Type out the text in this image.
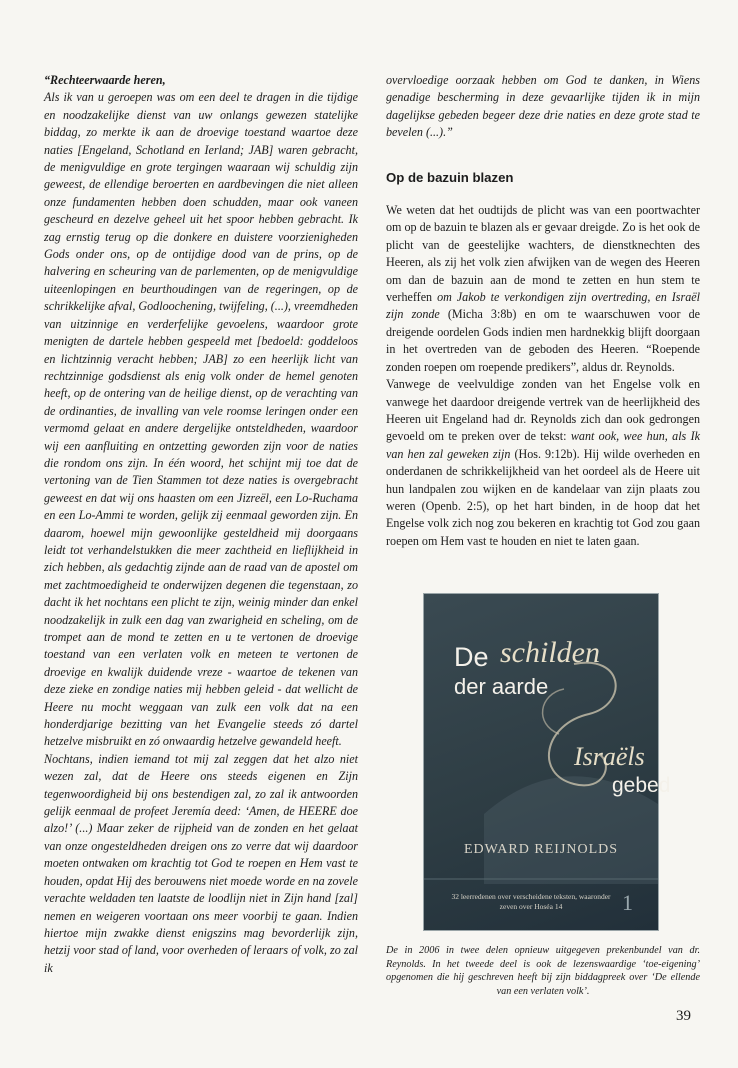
“Rechteerwaarde heren,

Als ik van u geroepen was om een deel te dragen in die tijdige en noodzakelijke dienst van uw onlangs gewezen statelijke biddag, zo merkte ik aan de droevige toestand waartoe deze naties [Engeland, Schotland en Ierland; JAB] waren gebracht, de menigvuldige en grote tergingen waaraan wij schuldig zijn geweest, de ellendige beroerten en aardbevingen die niet alleen onze fundamenten hebben doen schudden, maar ook vaneen gescheurd en dezelve geheel uit het spoor hebben gebracht. Ik zag ernstig terug op die donkere en duistere voorzienigheden Gods onder ons, op de ontijdige dood van de prins, op de halvering en scheuring van de parlementen, op de menigvuldige uiteenlopingen en beurthoudingen van de regeringen, op de schrikkelijke afval, Godloochening, twijfeling, (...), vreemdheden van uitzinnige en verderfelijke gevoelens, waardoor grote menigten de dartele hebben gespeeld met [bedoeld: goddeloos en lichtzinnig veracht hebben; JAB] zo een heerlijk licht van rechtzinnige godsdienst als enig volk onder de hemel genoten heeft, op de ontering van de heilige dienst, op de verachting van de ordinanties, de invalling van vele roomse leringen onder een vermomd gelaat en andere dergelijke ontsteldheden, waardoor wij een aanfluiting en ontzetting geworden zijn voor de naties die rondom ons zijn. In één woord, het schijnt mij toe dat de vertoning van de Tien Stammen tot deze naties is overgebracht geweest en dat wij ons haasten om een Jizreël, een Lo-Ruchama en een Lo-Ammi te worden, gelijk zij eenmaal geworden zijn. En daarom, hoewel mijn gewoonlijke gesteldheid mij doorgaans leidt tot verhandelstukken die meer zachtheid en lieflijkheid in zich hebben, als gedachtig zijnde aan de raad van de apostel om met zachtmoedigheid te onderwijzen degenen die tegenstaan, zo dacht ik het nochtans een plicht te zijn, weinig minder dan enkel noodzakelijk in zulk een dag van zwarigheid en scheling, om de trompet aan de mond te zetten en u te vertonen de droevige toestand van een verlaten volk en meteen te vertonen de droevige en kwalijk duidende vreze - waartoe de tekenen van deze zieke en zondige naties mij hebben geleid - dat wellicht de Heere nu mocht weggaan van zulk een volk dat na een honderdjarige bezitting van het Evangelie steeds zó dartel hetzelve misbruikt en zó onwaardig hetzelve gewandeld heeft.

Nochtans, indien iemand tot mij zal zeggen dat het alzo niet wezen zal, dat de Heere ons steeds eigenen en Zijn tegenwoordigheid bij ons bestendigen zal, zo zal ik antwoorden gelijk eenmaal de profeet Jeremía deed: ‘Amen, de HEERE doe alzo!’ (...) Maar zeker de rijpheid van de zonden en het gelaat van onze ongesteldheden dreigen ons zo verre dat wij daardoor moeten ontwaken om krachtig tot God te roepen en Hem vast te houden, opdat Hij des berouwens niet moede worde en na zovele verachte weldaden ten laatste de loodlijn niet in Zijn hand [zal] nemen en weigeren voortaan ons meer voorbij te gaan. Indien hiertoe mijn zwakke dienst enigszins mag bevorderlijk zijn, hetzij voor stad of land, voor overheden of leraars of volk, zo zal ik

overvloedige oorzaak hebben om God te danken, in Wiens genadige bescherming in deze gevaarlijke tijden ik in mijn dagelijkse gebeden begeer deze drie naties en deze grote stad te bevelen (...).”

Op de bazuin blazen

We weten dat het oudtijds de plicht was van een poortwachter om op de bazuin te blazen als er gevaar dreigde. Zo is het ook de plicht van de geestelijke wachters, de dienstknechten des Heeren, als zij het volk zien afwijken van de wegen des Heeren om dan de bazuin aan de mond te zetten en hun stem te verheffen om Jakob te verkondigen zijn overtreding, en Israël zijn zonde (Micha 3:8b) en om te waarschuwen voor de dreigende oordelen Gods indien men hardnekkig blijft doorgaan in het overtreden van de geboden des Heeren. “Roepende zonden roepen om roepende predikers”, aldus dr. Reynolds.

Vanwege de veelvuldige zonden van het Engelse volk en vanwege het daardoor dreigende vertrek van de heerlijkheid des Heeren uit Engeland had dr. Reynolds zich dan ook gedrongen gevoeld om te preken over de tekst: want ook, wee hun, als Ik van hen zal geweken zijn (Hos. 9:12b). Hij wilde overheden en onderdanen de schrikkelijkheid van het oordeel als de Heere uit hun landpalen zou wijken en de kandelaar van zijn plaats zou weren (Openb. 2:5), op het hart binden, in de hoop dat het Engelse volk zich nog zou bekeren en krachtig tot God zou gaan roepen om Hem vast te houden en niet te laten gaan.

De schilden
der aarde
Israëls
gebed
EDWARD REIJNOLDS
32 leerredenen over verscheidene teksten, waaronder zeven over Hoséa 14	1
De in 2006 in twee delen opnieuw uitgegeven prekenbundel van dr. Reynolds. In het tweede deel is ook de lezenswaardige ‘toe-eigening’ opgenomen die hij geschreven heeft bij zijn biddagpreek over ‘De ellende van een verlaten volk’.
39
